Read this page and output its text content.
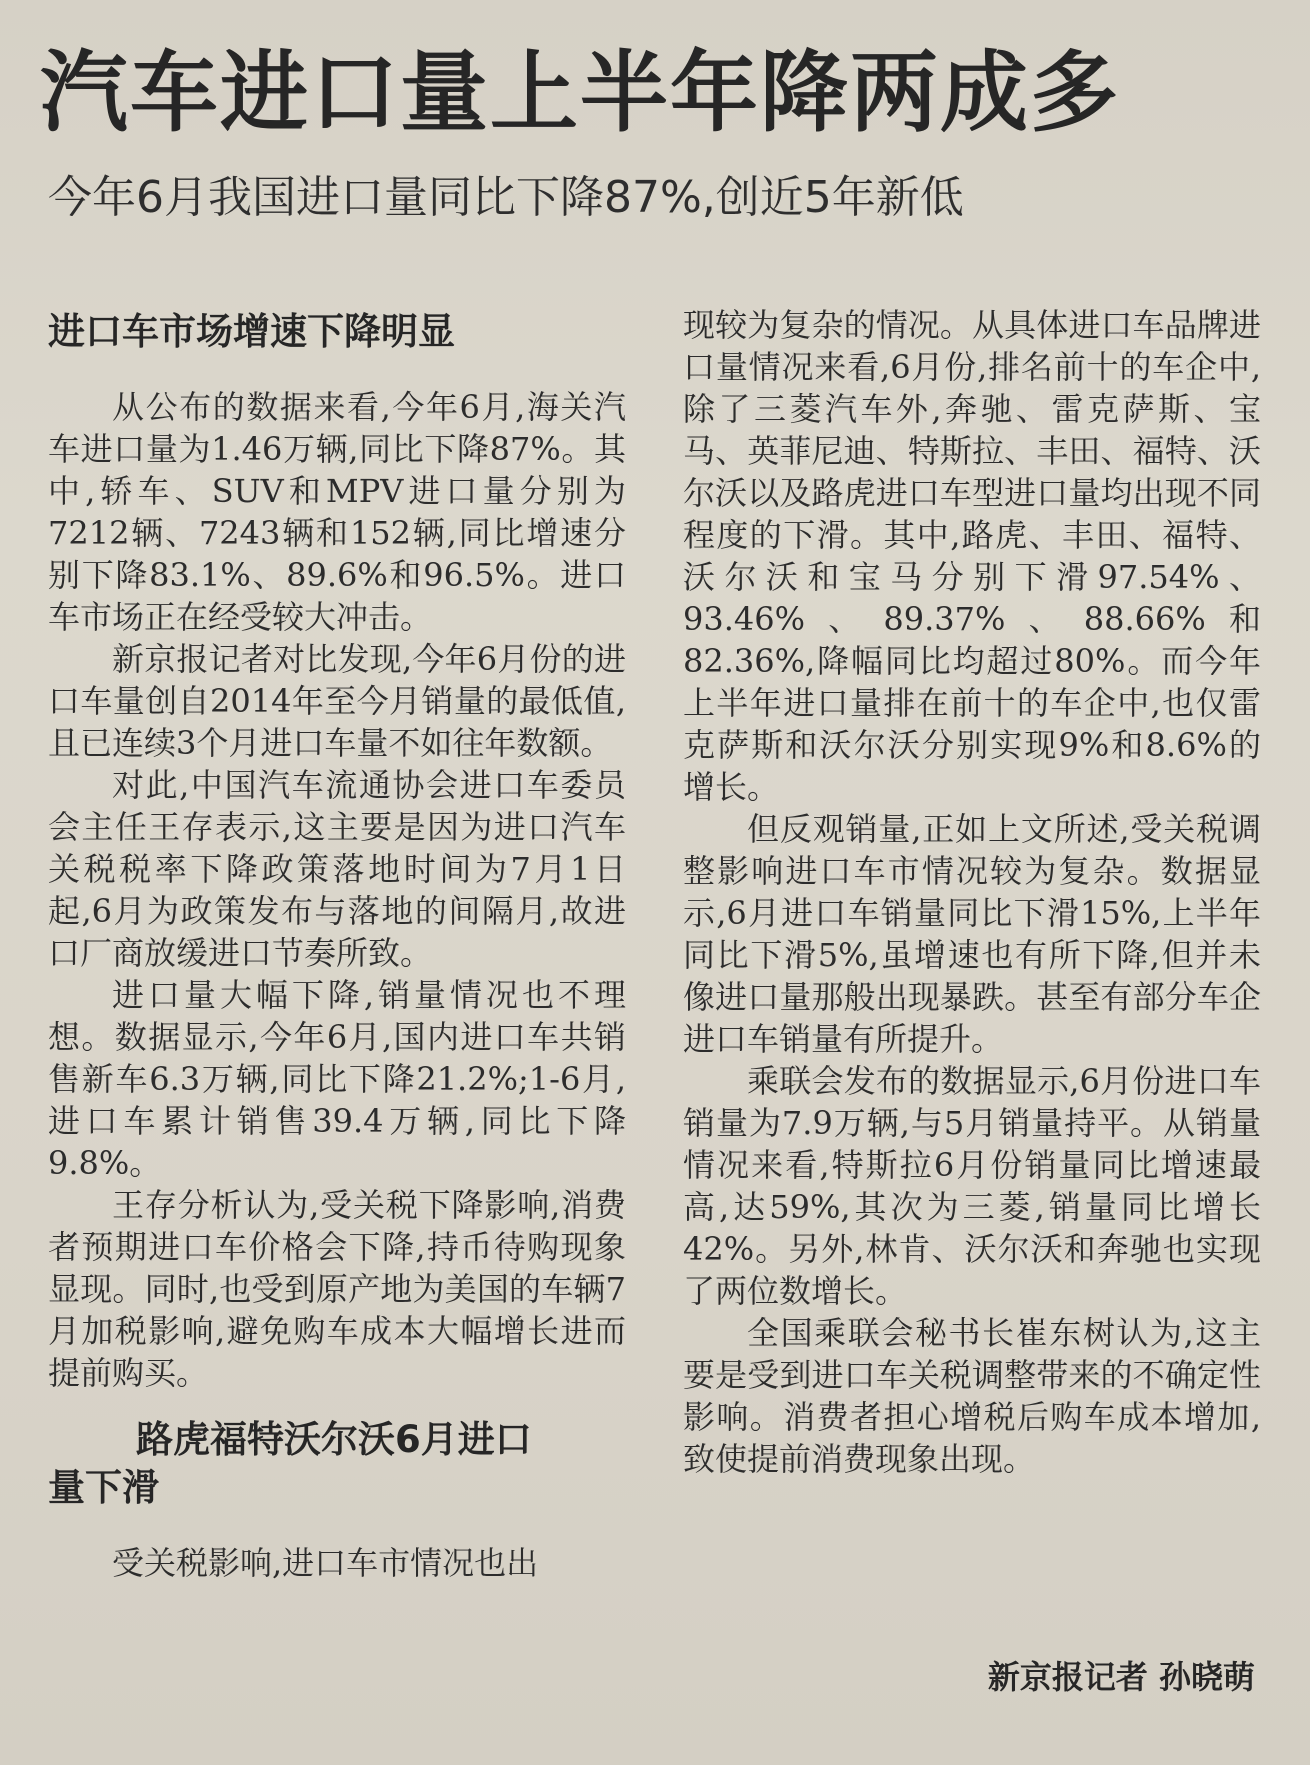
汽车进口量上半年降两成多
今年6月我国进口量同比下降87%,创近5年新低
进口车市场增速下降明显

从公布的数据来看,今年6月,海关汽车进口量为1.46万辆,同比下降87%。其中,轿车、SUV和MPV进口量分别为7212辆、7243辆和152辆,同比增速分别下降83.1%、89.6%和96.5%。进口车市场正在经受较大冲击。

新京报记者对比发现,今年6月份的进口车量创自2014年至今月销量的最低值,且已连续3个月进口车量不如往年数额。

对此,中国汽车流通协会进口车委员会主任王存表示,这主要是因为进口汽车关税税率下降政策落地时间为7月1日起,6月为政策发布与落地的间隔月,故进口厂商放缓进口节奏所致。

进口量大幅下降,销量情况也不理想。数据显示,今年6月,国内进口车共销售新车6.3万辆,同比下降21.2%;1-6月,进口车累计销售39.4万辆,同比下降9.8%。

王存分析认为,受关税下降影响,消费者预期进口车价格会下降,持币待购现象显现。同时,也受到原产地为美国的车辆7月加税影响,避免购车成本大幅增长进而提前购买。

路虎福特沃尔沃6月进口
量下滑

受关税影响,进口车市情况也出

现较为复杂的情况。从具体进口车品牌进口量情况来看,6月份,排名前十的车企中,除了三菱汽车外,奔驰、雷克萨斯、宝马、英菲尼迪、特斯拉、丰田、福特、沃尔沃以及路虎进口车型进口量均出现不同程度的下滑。其中,路虎、丰田、福特、沃尔沃和宝马分别下滑97.54%、93.46%、89.37%、88.66%和82.36%,降幅同比均超过80%。而今年上半年进口量排在前十的车企中,也仅雷克萨斯和沃尔沃分别实现9%和8.6%的增长。

但反观销量,正如上文所述,受关税调整影响进口车市情况较为复杂。数据显示,6月进口车销量同比下滑15%,上半年同比下滑5%,虽增速也有所下降,但并未像进口量那般出现暴跌。甚至有部分车企进口车销量有所提升。

乘联会发布的数据显示,6月份进口车销量为7.9万辆,与5月销量持平。从销量情况来看,特斯拉6月份销量同比增速最高,达59%,其次为三菱,销量同比增长42%。另外,林肯、沃尔沃和奔驰也实现了两位数增长。

全国乘联会秘书长崔东树认为,这主要是受到进口车关税调整带来的不确定性影响。消费者担心增税后购车成本增加,致使提前消费现象出现。

新京报记者 孙晓萌
